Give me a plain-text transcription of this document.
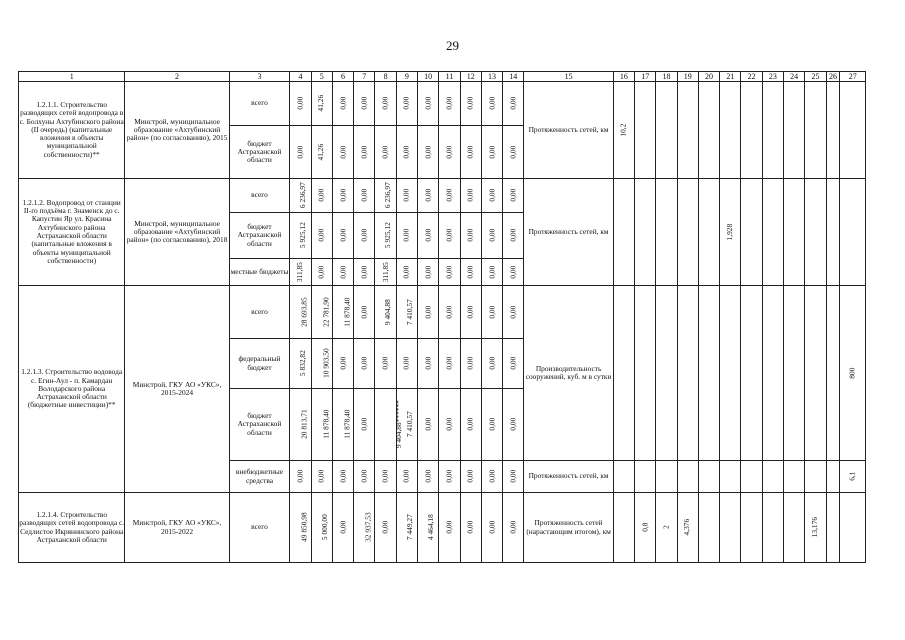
29
1	2	3	4	5	6	7	8	9	10	11	12	13	14	15	16	17	18	19	20	21	22	23	24	25	26	27
1.2.1.1. Строительство разводящих сетей водопровода в с. Болхуны Ахтубинского района (II очередь) (капитальные вложения в объекты муниципальной собственности)**	Минстрой, муниципальное образование «Ахтубинский район» (по согласованию), 2015	всего	0,00	41,26	0,00	0,00	0,00	0,00	0,00	0,00	0,00	0,00	0,00	Протяженность сетей, км	10,2											
		бюджет Астраханской области	0,00	41,26	0,00	0,00	0,00	0,00	0,00	0,00	0,00	0,00	0,00													
1.2.1.2. Водопровод от станции II-го подъёма г. Знаменск до с. Капустин Яр ул. Красина Ахтубинского района Астраханской области (капитальные вложения в объекты муниципальной собственности)	Минстрой, муниципальное образование «Ахтубинский район» (по согласованию), 2018	всего	6 236,97	0,00	0,00	0,00	6 236,97	0,00	0,00	0,00	0,00	0,00	0,00	Протяженность сетей, км						1,928						
		бюджет Астраханской области	5 925,12	0,00	0,00	0,00	5 925,12	0,00	0,00	0,00	0,00	0,00	0,00													
		местные бюджеты	311,85	0,00	0,00	0,00	311,85	0,00	0,00	0,00	0,00	0,00	0,00													
1.2.1.3. Строительство водовода с. Егин-Аул - п. Камардан Володарского района Астраханской области (бюджетные инвестиции)**	Минстрой, ГКУ АО «УКС», 2015-2024	всего	28 693,85	22 781,90	11 878,40	0,00	9 404,88	7 410,57	0,00	0,00	0,00	0,00	0,00	Производительность сооружений, куб. м в сутки												800
		федеральный бюджет	5 832,82	10 903,50	0,00	0,00	0,00	0,00	0,00	0,00	0,00	0,00	0,00													
		бюджет Астраханской области	20 813,71	11 878,40	11 878,40	0,00	9 404,88******	7 410,57	0,00	0,00	0,00	0,00	0,00													
		внебюджетные средства	0,00	0,00	0,00	0,00	0,00	0,00	0,00	0,00	0,00	0,00	0,00	Протяженность сетей, км												6,1
1.2.1.4. Строительство разводящих сетей водопровода с. Седлистое Икрянинского района Астраханской области	Минстрой, ГКУ АО «УКС», 2015-2022	всего	49 850,98	5 000,00	0,00	32 937,53	0,00	7 449,27	4 464,18	0,00	0,00	0,00	0,00	Протяженность сетей (нарастающим итогом), км		0,8	2	4,376						13,176		
